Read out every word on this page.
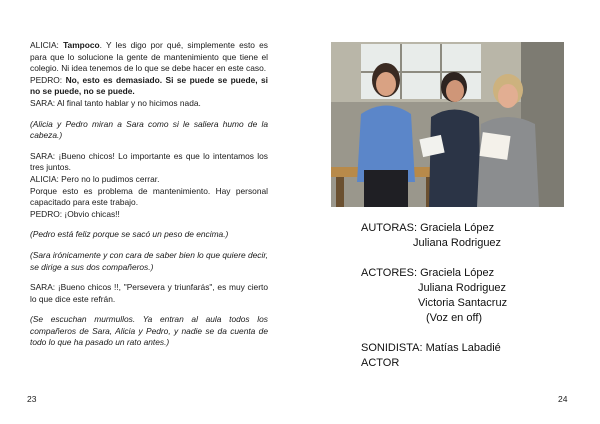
ALICIA: Tampoco. Y les digo por qué, simplemente esto es para que lo solucione la gente de mantenimiento que tiene el colegio. Ni idea tenemos de lo que se debe hacer en este caso.

PEDRO: No, esto es demasiado. Si se puede se puede, si no se puede, no se puede.

SARA: Al final tanto hablar y no hicimos nada.

(Alicia y Pedro miran a Sara como si le saliera humo de la cabeza.)

SARA: ¡Bueno chicos! Lo importante es que lo intentamos los tres juntos.

ALICIA: Pero no lo pudimos cerrar.

Porque esto es problema de mantenimiento. Hay personal capacitado para este trabajo.

PEDRO: ¡Obvio chicas!!

(Pedro está feliz porque se sacó un peso de encima.)

(Sara irónicamente y con cara de saber bien lo que quiere decir, se dirige a sus dos compañeros.)

SARA: ¡Bueno chicos !!, "Persevera y triunfarás", es muy cierto lo que dice este refrán.

(Se escuchan murmullos. Ya entran al aula todos los compañeros de Sara, Alicia y Pedro, y nadie se da cuenta de todo lo que ha pasado un rato antes.)

23

AUTORAS: Graciela López

Juliana Rodriguez

ACTORES: Graciela López

Juliana Rodriguez

Victoria Santacruz

(Voz en off)

SONIDISTA: Matías Labadié

ACTOR

24
